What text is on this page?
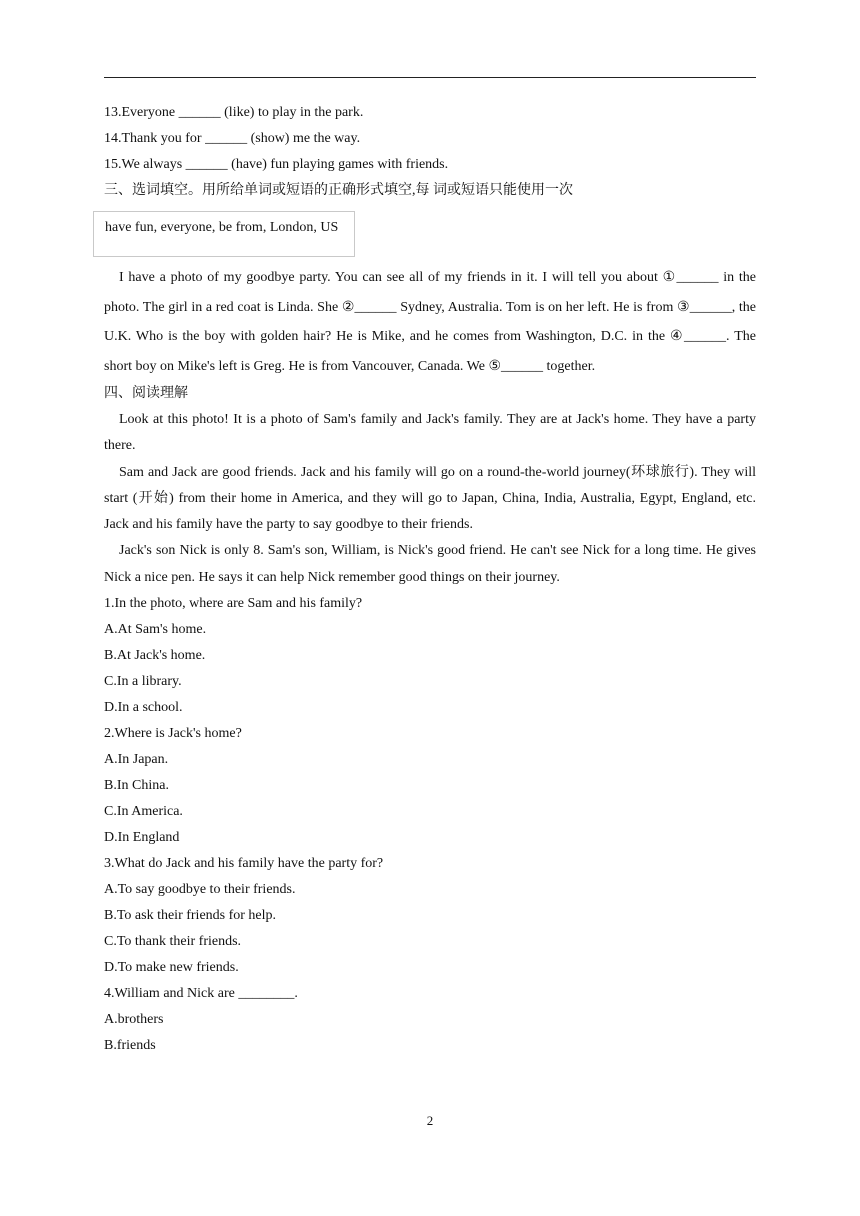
13.Everyone ______ (like) to play in the park.
14.Thank you for ______ (show) me the way.
15.We always ______ (have) fun playing games with friends.
三、选词填空。用所给单词或短语的正确形式填空,每 词或短语只能使用一次
have fun, everyone, be from, London, US

I have a photo of my goodbye party. You can see all of my friends in it. I will tell you about ①______ in the photo. The girl in a red coat is Linda. She ②______ Sydney, Australia. Tom is on her left. He is from ③______, the U.K. Who is the boy with golden hair? He is Mike, and he comes from Washington, D.C. in the ④______. The short boy on Mike's left is Greg. He is from Vancouver, Canada. We ⑤______ together.

四、阅读理解

Look at this photo! It is a photo of Sam's family and Jack's family. They are at Jack's home. They have a party there.

Sam and Jack are good friends. Jack and his family will go on a round-the-world journey(环球旅行). They will start (开始) from their home in America, and they will go to Japan, China, India, Australia, Egypt, England, etc. Jack and his family have the party to say goodbye to their friends.

Jack's son Nick is only 8. Sam's son, William, is Nick's good friend. He can't see Nick for a long time. He gives Nick a nice pen. He says it can help Nick remember good things on their journey.

1.In the photo, where are Sam and his family?
A.At Sam's home.
B.At Jack's home.
C.In a library.
D.In a school.
2.Where is Jack's home?
A.In Japan.
B.In China.
C.In America.
D.In England
3.What do Jack and his family have the party for?
A.To say goodbye to their friends.
B.To ask their friends for help.
C.To thank their friends.
D.To make new friends.
4.William and Nick are ________.
A.brothers
B.friends
2
